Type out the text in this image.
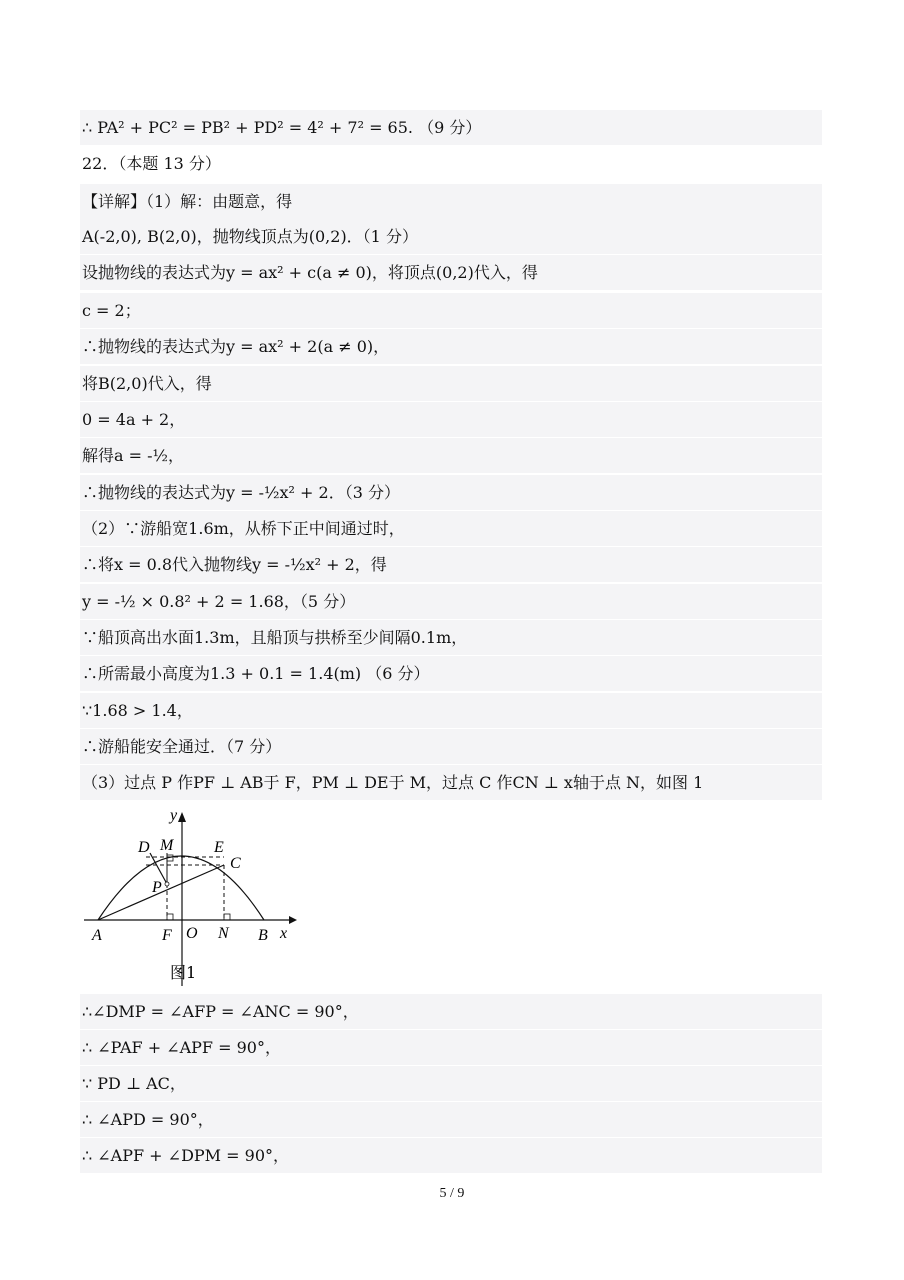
∴ PA² + PC² = PB² + PD² = 4² + 7² = 65. （9 分）
22．（本题 13 分）
【详解】（1）解：由题意，得
A(-2,0), B(2,0)，抛物线顶点为(0,2)．（1 分）
设抛物线的表达式为y = ax² + c(a ≠ 0)，将顶点(0,2)代入，得
c = 2；
∴抛物线的表达式为y = ax² + 2(a ≠ 0)，
将B(2,0)代入，得
0 = 4a + 2，
解得a = -½，
∴抛物线的表达式为y = -½x² + 2．（3 分）
（2）∵游船宽1.6m，从桥下正中间通过时，
∴将x = 0.8代入抛物线y = -½x² + 2，得
y = -½ × 0.8² + 2 = 1.68，（5 分）
∵船顶高出水面1.3m，且船顶与拱桥至少间隔0.1m，
∴所需最小高度为1.3 + 0.1 = 1.4(m) （6 分）
∵1.68 > 1.4，
∴游船能安全通过．（7 分）
（3）过点 P 作PF ⊥ AB于 F，PM ⊥ DE于 M，过点 C 作CN ⊥ x轴于点 N，如图 1
y
x
D M	E
C
P
A	F O N B
图1
∴∠DMP = ∠AFP = ∠ANC = 90°，
∴ ∠PAF + ∠APF = 90°，
∵ PD ⊥ AC，
∴ ∠APD = 90°，
∴ ∠APF + ∠DPM = 90°，
5 / 9
